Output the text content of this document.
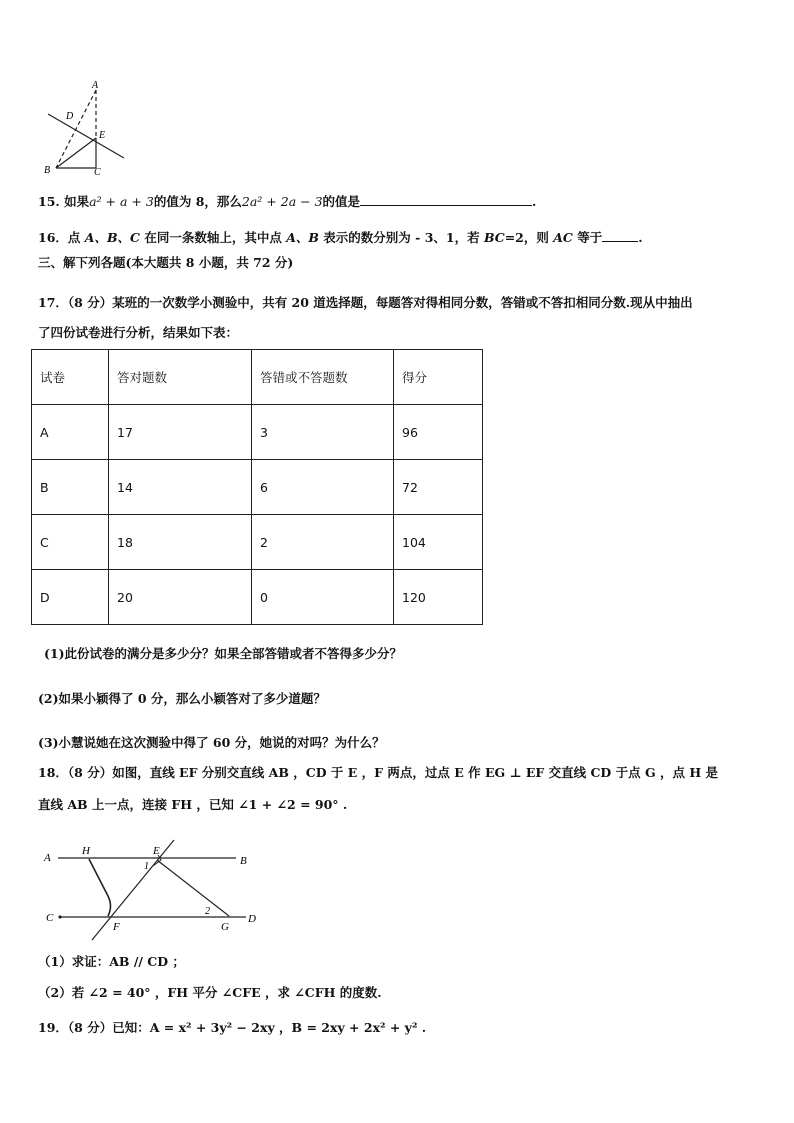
A
D
E
B	C
15. 如果a² + a + 3的值为 8，那么2a² + 2a − 3的值是	.
16．点 A、B、C 在同一条数轴上，其中点 A、B 表示的数分别为 - 3、1，若 BC=2，则 AC 等于	.
三、解下列各题(本大题共 8 小题，共 72 分)
17．（8 分）某班的一次数学小测验中，共有 20 道选择题，每题答对得相同分数，答错或不答扣相同分数.现从中抽出
了四份试卷进行分析，结果如下表：
试卷	答对题数	答错或不答题数	得分
A	17	3	96
B	14	6	72
C	18	2	104
D	20	0	120
(1)此份试卷的满分是多少分？如果全部答错或者不答得多少分？
(2)如果小颖得了 0 分，那么小颖答对了多少道题？
(3)小慧说她在这次测验中得了 60 分，她说的对吗？为什么？
18．（8 分）如图，直线 EF 分别交直线 AB ，CD 于 E ，F 两点，过点 E 作 EG ⊥ EF 交直线 CD 于点 G ，点 H 是
直线 AB 上一点，连接 FH ，已知 ∠1 + ∠2 = 90° .
A
H	E
B
1
2
C
F	G
D
（1）求证：AB // CD ；
（2）若 ∠2 = 40° ，FH 平分 ∠CFE ，求 ∠CFH 的度数.
19．（8 分）已知：A = x² + 3y² − 2xy ，B = 2xy + 2x² + y² .
